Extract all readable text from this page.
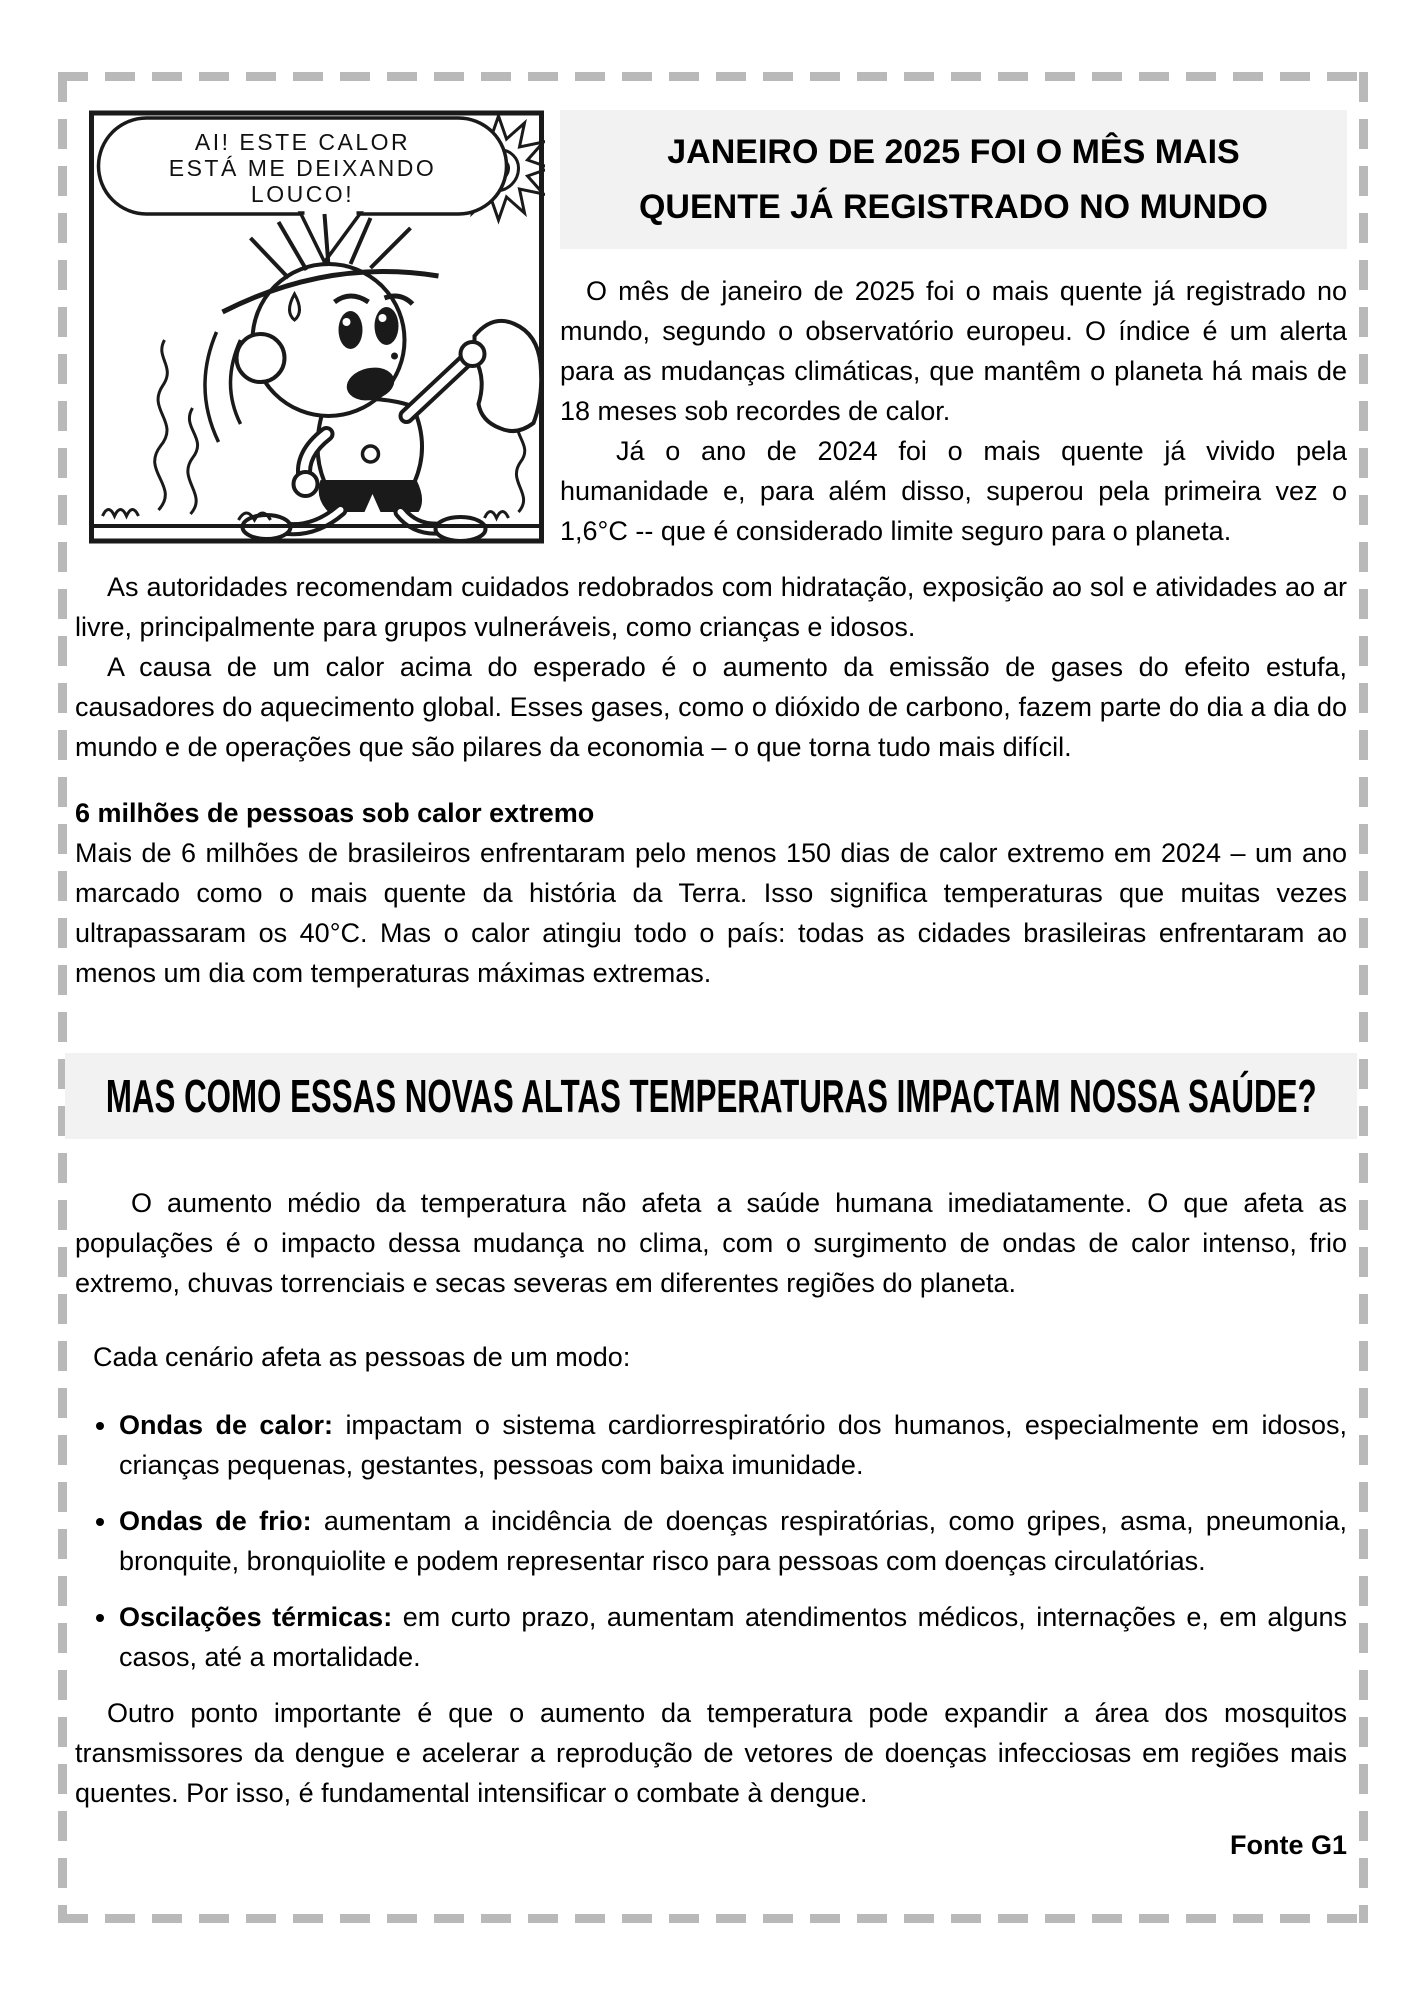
AI! ESTE CALOR
ESTÁ ME DEIXANDO
LOUCO!
JANEIRO DE 2025 FOI O MÊS MAIS
QUENTE JÁ REGISTRADO NO MUNDO

O mês de janeiro de 2025 foi o mais quente já registrado no mundo, segundo o observatório europeu. O índice é um alerta para as mudanças climáticas, que mantêm o planeta há mais de 18 meses sob recordes de calor.

Já o ano de 2024 foi o mais quente já vivido pela humanidade e, para além disso, superou pela primeira vez o 1,6°C -- que é considerado limite seguro para o planeta.

As autoridades recomendam cuidados redobrados com hidratação, exposição ao sol e atividades ao ar livre, principalmente para grupos vulneráveis, como crianças e idosos.

A causa de um calor acima do esperado é o aumento da emissão de gases do efeito estufa, causadores do aquecimento global. Esses gases, como o dióxido de carbono, fazem parte do dia a dia do mundo e de operações que são pilares da economia – o que torna tudo mais difícil.

6 milhões de pessoas sob calor extremo

Mais de 6 milhões de brasileiros enfrentaram pelo menos 150 dias de calor extremo em 2024 – um ano marcado como o mais quente da história da Terra. Isso significa temperaturas que muitas vezes ultrapassaram os 40°C. Mas o calor atingiu todo o país: todas as cidades brasileiras enfrentaram ao menos um dia com temperaturas máximas extremas.

MAS COMO ESSAS NOVAS ALTAS TEMPERATURAS IMPACTAM NOSSA SAÚDE?

O aumento médio da temperatura não afeta a saúde humana imediatamente. O que afeta as populações é o impacto dessa mudança no clima, com o surgimento de ondas de calor intenso, frio extremo, chuvas torrenciais e secas severas em diferentes regiões do planeta.

Cada cenário afeta as pessoas de um modo:

• Ondas de calor: impactam o sistema cardiorrespiratório dos humanos, especialmente em idosos, crianças pequenas, gestantes, pessoas com baixa imunidade.
• Ondas de frio: aumentam a incidência de doenças respiratórias, como gripes, asma, pneumonia, bronquite, bronquiolite e podem representar risco para pessoas com doenças circulatórias.
• Oscilações térmicas: em curto prazo, aumentam atendimentos médicos, internações e, em alguns casos, até a mortalidade.

Outro ponto importante é que o aumento da temperatura pode expandir a área dos mosquitos transmissores da dengue e acelerar a reprodução de vetores de doenças infecciosas em regiões mais quentes. Por isso, é fundamental intensificar o combate à dengue.

Fonte G1
